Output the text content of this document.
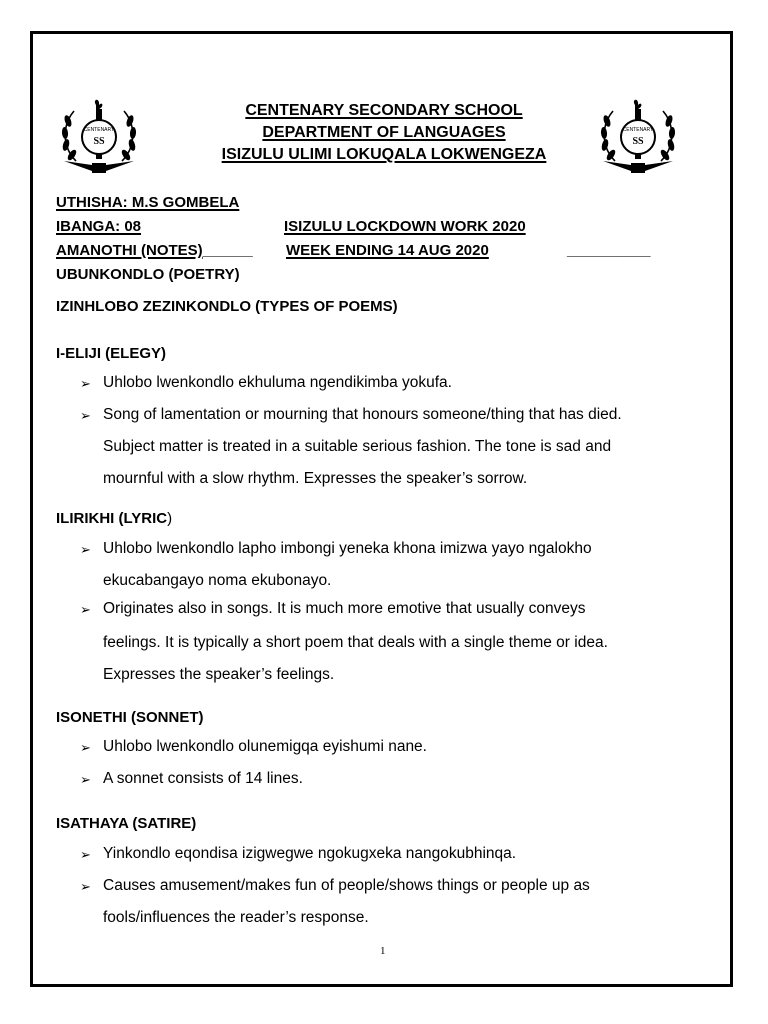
CENTENARY
SS
CENTENARY
SS
CENTENARY SECONDARY SCHOOL
DEPARTMENT OF LANGUAGES
ISIZULU ULIMI LOKUQALA LOKWENGEZA
UTHISHA: M.S GOMBELA
IBANGA: 08	ISIZULU LOCKDOWN WORK 2020
AMANOTHI (NOTES)______ WEEK ENDING 14 AUG 2020	__________
UBUNKONDLO (POETRY)
IZINHLOBO ZEZINKONDLO (TYPES OF POEMS)
I-ELIJI (ELEGY)
➢ Uhlobo lwenkondlo ekhuluma ngendikimba yokufa.
➢ Song of lamentation or mourning that honours someone/thing that has died.
Subject matter is treated in a suitable serious fashion. The tone is sad and
mournful with a slow rhythm. Expresses the speaker’s sorrow.
ILIRIKHI (LYRIC)
➢ Uhlobo lwenkondlo lapho imbongi yeneka khona imizwa yayo ngalokho
ekucabangayo noma ekubonayo.
➢ Originates also in songs. It is much more emotive that usually conveys
feelings. It is typically a short poem that deals with a single theme or idea.
Expresses the speaker’s feelings.
ISONETHI (SONNET)
➢ Uhlobo lwenkondlo olunemigqa eyishumi nane.
➢ A sonnet consists of 14 lines.
ISATHAYA (SATIRE)
➢ Yinkondlo eqondisa izigwegwe ngokugxeka nangokubhinqa.
➢ Causes amusement/makes fun of people/shows things or people up as
fools/influences the reader’s response.
1
